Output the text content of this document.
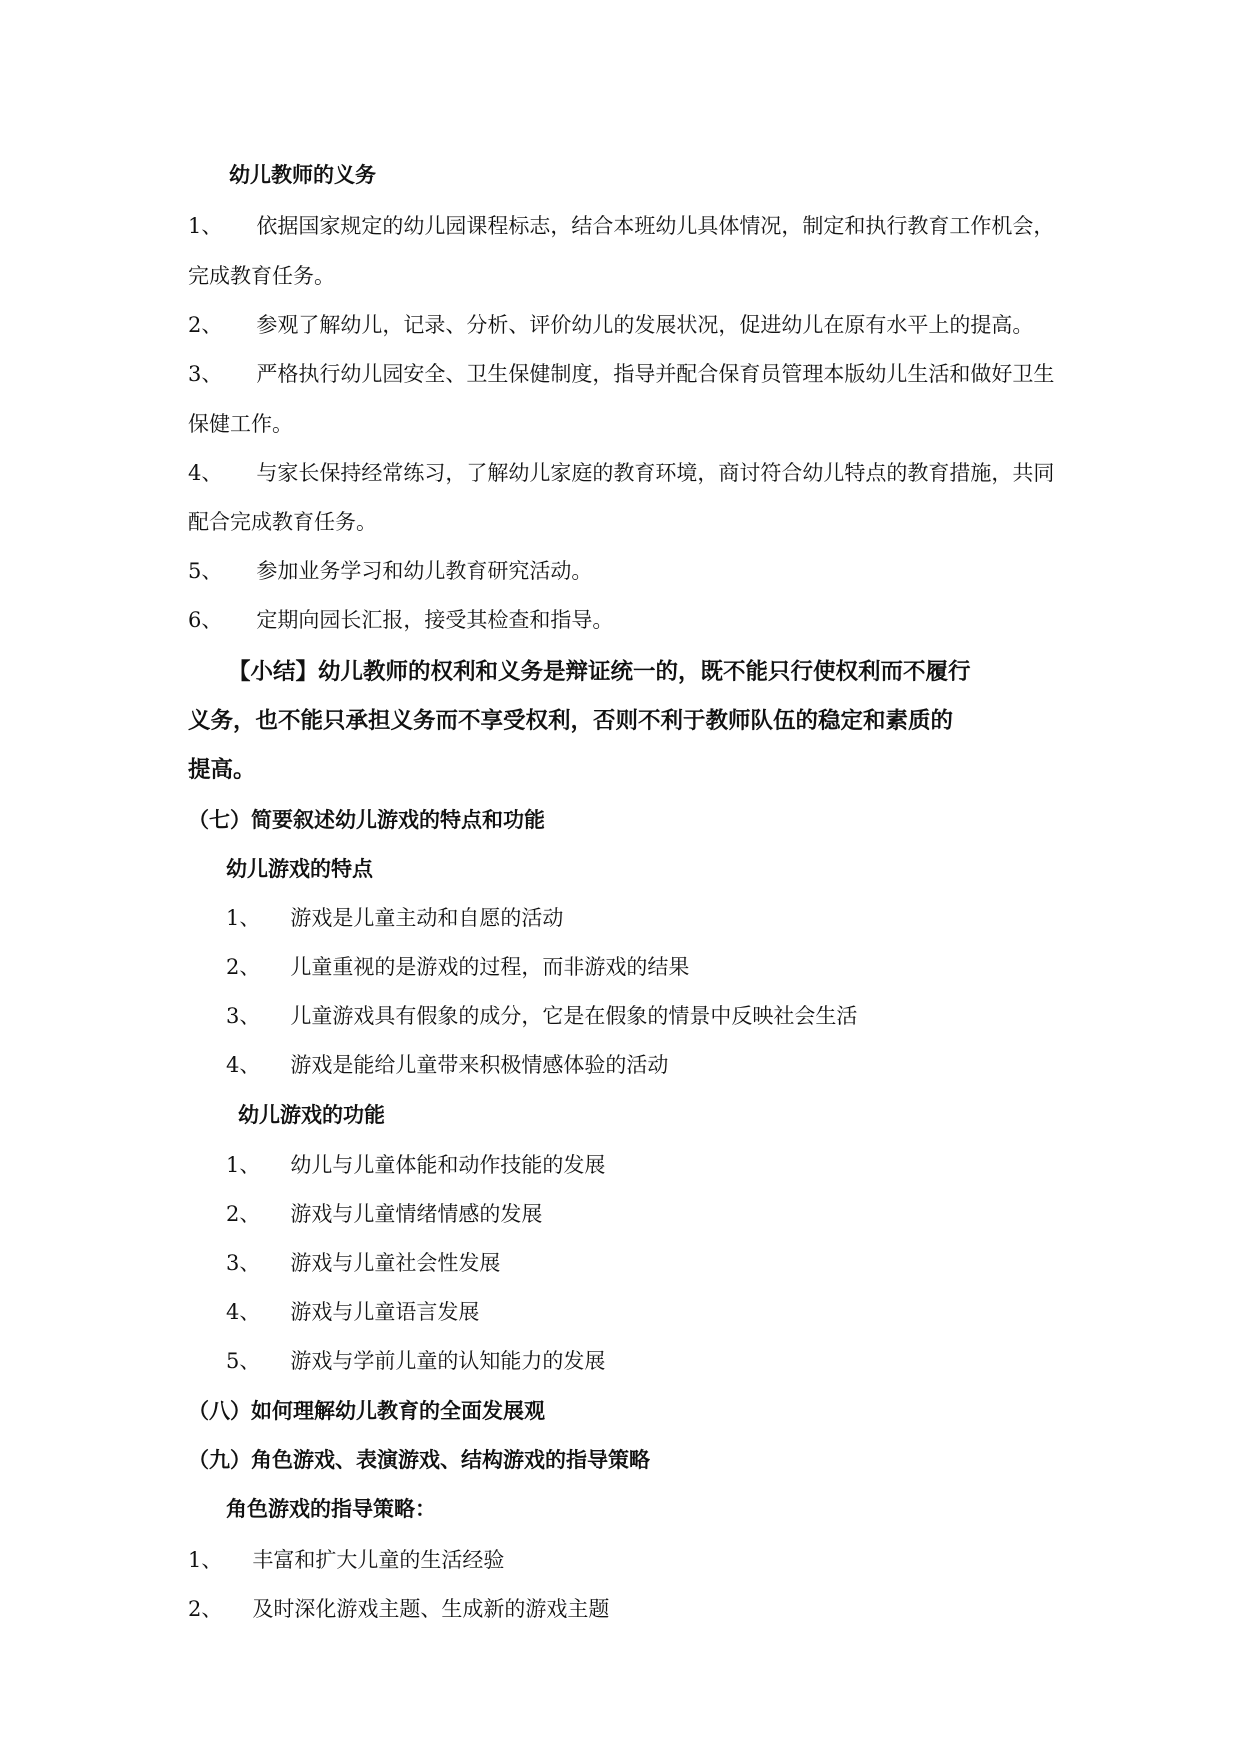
幼儿教师的义务
1、 依据国家规定的幼儿园课程标志，结合本班幼儿具体情况，制定和执行教育工作机会，
完成教育任务。
2、 参观了解幼儿，记录、分析、评价幼儿的发展状况，促进幼儿在原有水平上的提高。
3、 严格执行幼儿园安全、卫生保健制度，指导并配合保育员管理本版幼儿生活和做好卫生
保健工作。
4、 与家长保持经常练习，了解幼儿家庭的教育环境，商讨符合幼儿特点的教育措施，共同
配合完成教育任务。
5、 参加业务学习和幼儿教育研究活动。
6、 定期向园长汇报，接受其检查和指导。
【小结】幼儿教师的权利和义务是辩证统一的，既不能只行使权利而不履行
义务，也不能只承担义务而不享受权利，否则不利于教师队伍的稳定和素质的
提高。
（七）简要叙述幼儿游戏的特点和功能
幼儿游戏的特点
1、 游戏是儿童主动和自愿的活动
2、 儿童重视的是游戏的过程，而非游戏的结果
3、 儿童游戏具有假象的成分，它是在假象的情景中反映社会生活
4、 游戏是能给儿童带来积极情感体验的活动
幼儿游戏的功能
1、 幼儿与儿童体能和动作技能的发展
2、 游戏与儿童情绪情感的发展
3、 游戏与儿童社会性发展
4、 游戏与儿童语言发展
5、 游戏与学前儿童的认知能力的发展
（八）如何理解幼儿教育的全面发展观
（九）角色游戏、表演游戏、结构游戏的指导策略
角色游戏的指导策略：
1、 丰富和扩大儿童的生活经验
2、 及时深化游戏主题、生成新的游戏主题
